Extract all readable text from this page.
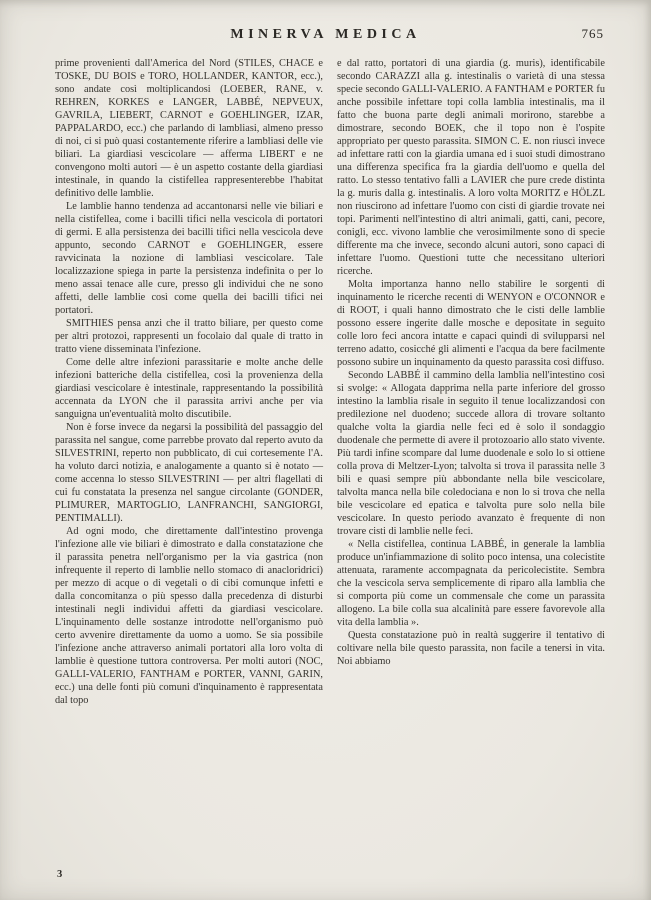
MINERVA MEDICA	765

prime provenienti dall'America del Nord (STILES, CHACE e TOSKE, DU BOIS e TORO, HOLLANDER, KANTOR, ecc.), sono andate così moltiplicandosi (LOEBER, RANE, v. REHREN, KORKES e LANGER, LABBÉ, NEPVEUX, GAVRILA, LIEBERT, CARNOT e GOEHLINGER, IZAR, PAPPALARDO, ecc.) che parlando di lambliasi, almeno presso di noi, ci si può quasi costantemente riferire a lambliasi delle vie biliari. La giardiasi vescicolare — afferma LIBERT e ne convengono molti autori — è un aspetto costante della giardiasi intestinale, in quando la cistifellea rappresenterebbe l'habitat definitivo delle lamblie.

Le lamblie hanno tendenza ad accantonarsi nelle vie biliari e nella cistifellea, come i bacilli tifici nella vescicola di portatori di germi. E alla persistenza dei bacilli tifici nella vescicola deve appunto, secondo CARNOT e GOEHLINGER, essere ravvicinata la nozione di lambliasi vescicolare. Tale localizzazione spiega in parte la persistenza indefinita o per lo meno assai tenace alle cure, presso gli individui che ne sono affetti, delle lamblie così come quella dei bacilli tifici nei portatori.

SMITHIES pensa anzi che il tratto biliare, per questo come per altri protozoi, rappresenti un focolaio dal quale di tratto in tratto viene disseminata l'infezione.

Come delle altre infezioni parassitarie e molte anche delle infezioni batteriche della cistifellea, così la provenienza della giardiasi vescicolare è intestinale, rappresentando la possibilità accennata da LYON che il parassita arrivi anche per via sanguigna un'eventualità molto discutibile.

Non è forse invece da negarsi la possibilità del passaggio del parassita nel sangue, come parrebbe provato dal reperto avuto da SILVESTRINI, reperto non pubblicato, di cui cortesemente l'A. ha voluto darci notizia, e analogamente a quanto si è notato — come accenna lo stesso SILVESTRINI — per altri flagellati di cui fu constatata la presenza nel sangue circolante (GONDER, PLIMURER, MARTOGLIO, LANFRANCHI, SANGIORGI, PENTIMALLI).

Ad ogni modo, che direttamente dall'intestino provenga l'infezione alle vie biliari è dimostrato e dalla constatazione che il parassita penetra nell'organismo per la via gastrica (non infrequente il reperto di lamblie nello stomaco di anacloridrici) per mezzo di acque o di vegetali o di cibi comunque infetti e dalla concomitanza o più spesso dalla precedenza di disturbi intestinali negli individui affetti da giardiasi vescicolare. L'inquinamento delle sostanze introdotte nell'organismo può certo avvenire direttamente da uomo a uomo. Se sia possibile l'infezione anche attraverso animali portatori alla loro volta di lamblie è questione tuttora controversa. Per molti autori (NOC, GALLI-VALERIO, FANTHAM e PORTER, VANNI, GARIN, ecc.) una delle fonti più comuni d'inquinamento è rappresentata dal topo

e dal ratto, portatori di una giardia (g. muris), identificabile secondo CARAZZI alla g. intestinalis o varietà di una stessa specie secondo GALLI-VALERIO. A FANTHAM e PORTER fu anche possibile infettare topi colla lamblia intestinalis, ma il fatto che buona parte degli animali morirono, starebbe a dimostrare, secondo BOEK, che il topo non è l'ospite appropriato per questo parassita. SIMON C. E. non riuscì invece ad infettare ratti con la giardia umana ed i suoi studi dimostrano una differenza specifica fra la giardia dell'uomo e quella del ratto. Lo stesso tentativo fallì a LAVIER che pure crede distinta la g. muris dalla g. intestinalis. A loro volta MORITZ e HÖLZL non riuscirono ad infettare l'uomo con cisti di giardie trovate nei topi. Parimenti nell'intestino di altri animali, gatti, cani, pecore, conigli, ecc. vivono lamblie che verosimilmente sono di specie differente ma che invece, secondo alcuni autori, sono capaci di infettare l'uomo. Questioni tutte che necessitano ulteriori ricerche.

Molta importanza hanno nello stabilire le sorgenti di inquinamento le ricerche recenti di WENYON e O'CONNOR e di ROOT, i quali hanno dimostrato che le cisti delle lamblie possono essere ingerite dalle mosche e depositate in seguito colle loro feci ancora intatte e capaci quindi di svilupparsi nel terreno adatto, cosicché gli alimenti e l'acqua da bere facilmente possono subire un inquinamento da questo parassita così diffuso.

Secondo LABBÉ il cammino della lamblia nell'intestino così si svolge: « Allogata dapprima nella parte inferiore del grosso intestino la lamblia risale in seguito il tenue localizzandosi con predilezione nel duodeno; succede allora di trovare soltanto qualche volta la giardia nelle feci ed è solo il sondaggio duodenale che permette di avere il protozoario allo stato vivente. Più tardi infine scompare dal lume duodenale e solo lo si ottiene colla prova di Meltzer-Lyon; talvolta si trova il parassita nelle 3 bili e quasi sempre più abbondante nella bile vescicolare, talvolta manca nella bile coledociana e non lo si trova che nella bile vescicolare ed epatica e talvolta pure solo nella bile vescicolare. In questo periodo avanzato è frequente di non trovare cisti di lamblie nelle feci.

« Nella cistifellea, continua LABBÉ, in generale la lamblia produce un'infiammazione di solito poco intensa, una colecistite attenuata, raramente accompagnata da pericolecistite. Sembra che la vescicola serva semplicemente di riparo alla lamblia che si comporta più come un commensale che come un parassita allogeno. La bile colla sua alcalinità pare essere favorevole alla vita della lamblia ».

Questa constatazione può in realtà suggerire il tentativo di coltivare nella bile questo parassita, non facile a tenersi in vita. Noi abbiamo

3
